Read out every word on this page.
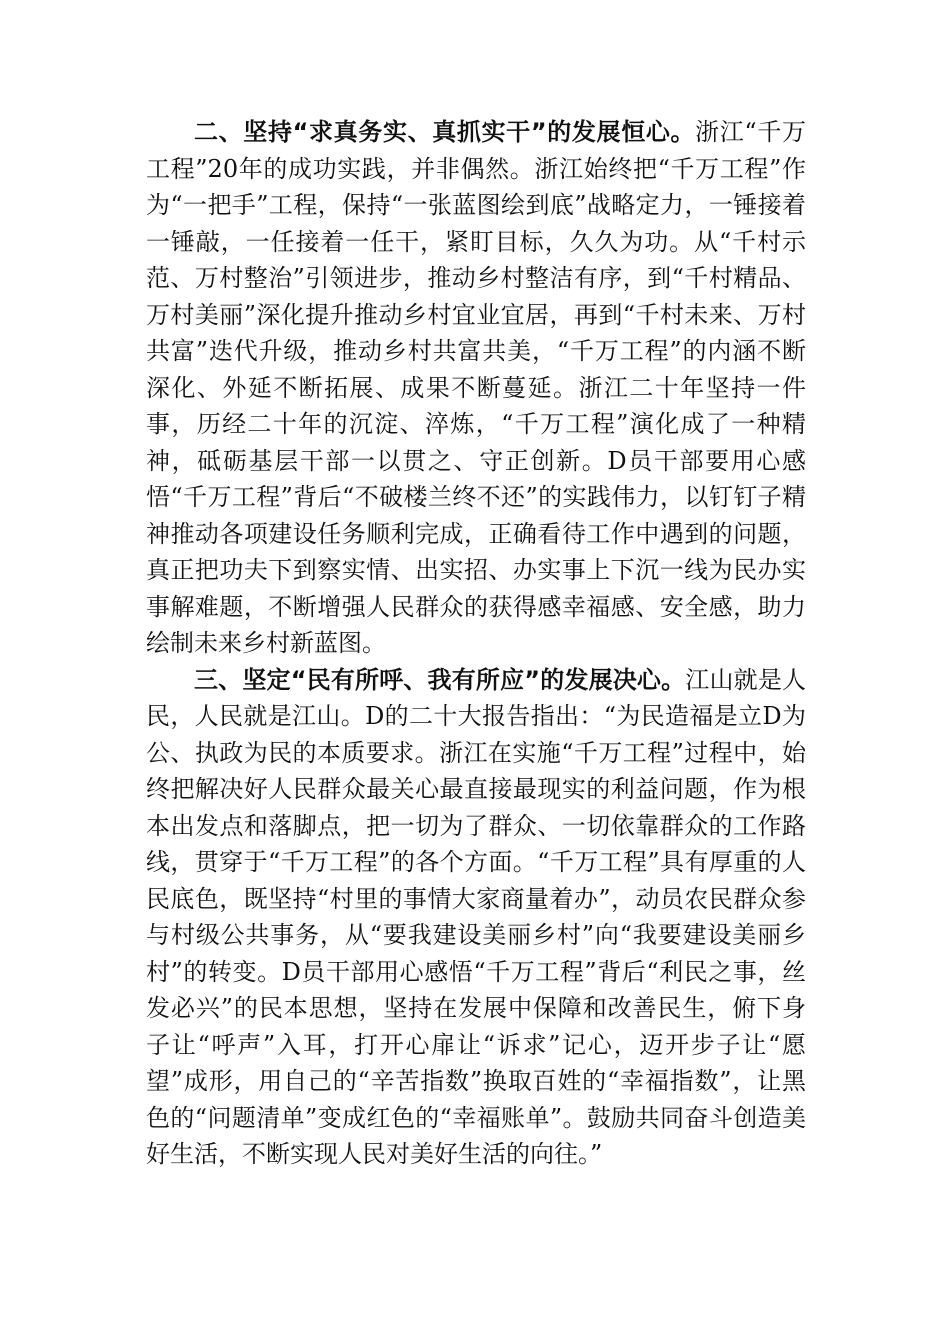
二、坚持“求真务实、真抓实干”的发展恒心。浙江“千万工程”20年的成功实践，并非偶然。浙江始终把“千万工程”作为“一把手”工程，保持“一张蓝图绘到底”战略定力，一锤接着一锤敲，一任接着一任干，紧盯目标，久久为功。从“千村示范、万村整治”引领进步，推动乡村整洁有序，到“千村精品、万村美丽”深化提升推动乡村宜业宜居，再到“千村未来、万村共富”迭代升级，推动乡村共富共美，“千万工程”的内涵不断深化、外延不断拓展、成果不断蔓延。浙江二十年坚持一件事，历经二十年的沉淀、淬炼，“千万工程”演化成了一种精神，砥砺基层干部一以贯之、守正创新。D员干部要用心感悟“千万工程”背后“不破楼兰终不还”的实践伟力，以钉钉子精神推动各项建设任务顺利完成，正确看待工作中遇到的问题，真正把功夫下到察实情、出实招、办实事上下沉一线为民办实事解难题，不断增强人民群众的获得感幸福感、安全感，助力绘制未来乡村新蓝图。

三、坚定“民有所呼、我有所应”的发展决心。江山就是人民，人民就是江山。D的二十大报告指出：“为民造福是立D为公、执政为民的本质要求。浙江在实施“千万工程”过程中，始终把解决好人民群众最关心最直接最现实的利益问题，作为根本出发点和落脚点，把一切为了群众、一切依靠群众的工作路线，贯穿于“千万工程”的各个方面。“千万工程”具有厚重的人民底色，既坚持“村里的事情大家商量着办”，动员农民群众参与村级公共事务，从“要我建设美丽乡村”向“我要建设美丽乡村”的转变。D员干部用心感悟“千万工程”背后“利民之事，丝发必兴”的民本思想，坚持在发展中保障和改善民生，俯下身子让“呼声”入耳，打开心扉让“诉求”记心，迈开步子让“愿望”成形，用自己的“辛苦指数”换取百姓的“幸福指数”，让黑色的“问题清单”变成红色的“幸福账单”。鼓励共同奋斗创造美好生活，不断实现人民对美好生活的向往。”
